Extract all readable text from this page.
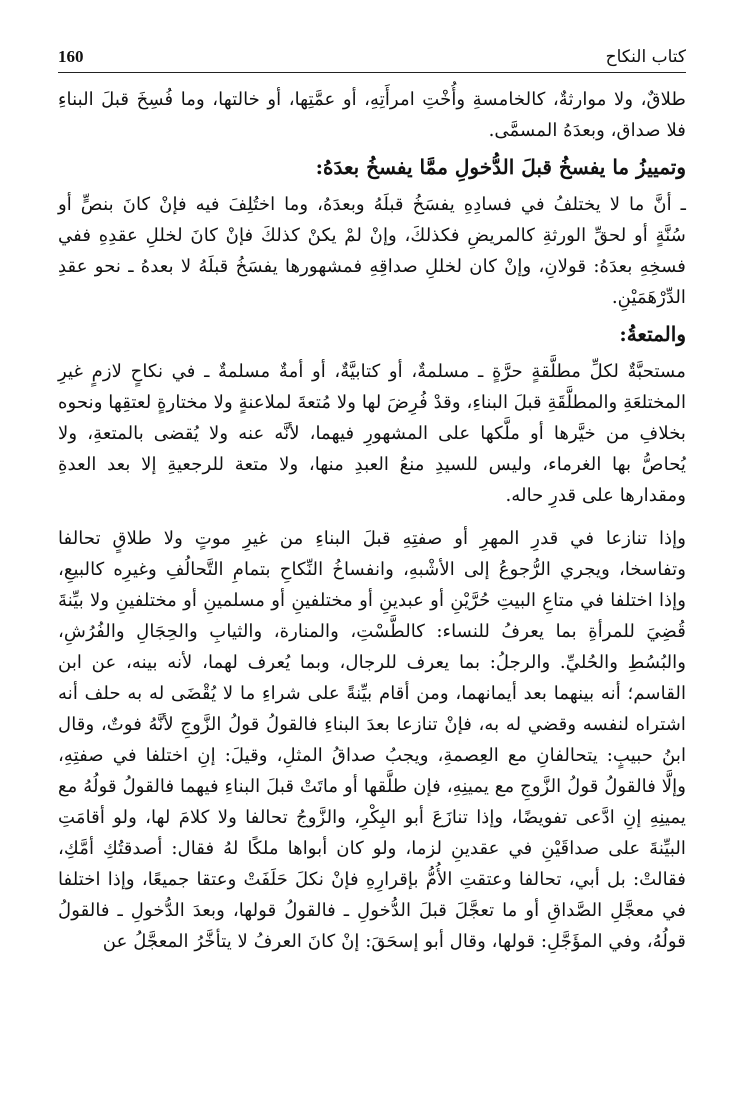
160	كتاب النكاح

طلاقٌ، ولا موارثةٌ، كالخامسةِ وأُخْتِ امرأَتِهِ، أو عمَّتِها، أو خالتها، وما فُسِخَ قبلَ البناءِ
فلا صداق، وبعدَهُ المسمَّى.

وتمييزُ ما يفسخُ قبلَ الدُّخولِ ممَّا يفسخُ بعدَهُ:

ـ أنَّ ما لا يختلفُ في فسادِهِ يفسَخُ قبلَهُ وبعدَهُ، وما اختُلِفَ فيه فإنْ كانَ بنصٍّ أو
سُنَّةٍ أو لحقِّ الورثةِ كالمريضِ فكذلكَ، وإنْ لمْ يكنْ كذلكَ فإنْ كانَ لخللِ عقدِهِ ففي
فسخِهِ بعدَهُ: قولانِ، وإنْ كان لخللِ صداقِهِ فمشهورها يفسَخُ قبلَهُ لا بعدهُ ـ نحو عقدِ
الدِّرْهَمَيْنِ.

والمتعةُ:

مستحبَّةٌ لكلِّ مطلَّقةٍ حرَّةٍ ـ مسلمةٌ، أو كتابيَّةٌ، أو أمةٌ مسلمةٌ ـ في نكاحٍ لازمٍ غيرِ
المختلعَةِ والمطلَّقَةِ قبلَ البناءِ، وقدْ فُرِضَ لها ولا مُتعةَ لملاعنةٍ ولا مختارةٍ لعتقِها ونحوه
بخلافِ من خيَّرها أو ملَّكها على المشهورِ فيهما، لأنَّه عنه ولا يُقضى بالمتعةِ، ولا
يُحاصُّ بها الغرماء، وليس للسيدِ منعُ العبدِ منها، ولا متعة للرجعيةِ إلا بعد العدةِ
ومقدارها على قدرِ حاله.

وإذا تنازعا في قدرِ المهرِ أو صفتِهِ قبلَ البناءِ من غيرِ موتٍ ولا طلاقٍ تحالفا
وتفاسخا، ويجري الرُّجوعُ إلى الأشْبهِ، وانفساخُ النِّكاحِ بتمامِ التَّحالُفِ وغيرِه كالبيعِ،
وإذا اختلفا في متاعِ البيتِ حُرَّيْنِ أو عبدينِ أو مختلفينِ أو مسلمينِ أو مختلفينِ ولا بيِّنةَ
قُضِيَ للمرأةِ بما يعرفُ للنساء: كالطَّسْتِ، والمنارة، والثيابِ والحِجَالِ والفُرُشِ،
والبُسُطِ والحُليِّ. والرجلُ: بما يعرف للرجال، وبما يُعرف لهما، لأنه بينه، عن ابن
القاسم؛ أنه بينهما بعد أيمانهما، ومن أقام بيِّنةً على شراءِ ما لا يُقْضَى له به حلف أنه
اشتراه لنفسه وقضي له به، فإنْ تنازعا بعدَ البناءِ فالقولُ قولُ الزَّوجِ لأنَّهُ فوتٌ، وقال
ابنُ حبيبٍ: يتحالفانِ مع العِصمةِ، ويجبُ صداقُ المثلِ، وقيلَ: إنِ اختلفا في صفتِهِ،
وإلَّا فالقولُ قولُ الزَّوجِ مع يمينِهِ، فإن طلَّقها أو ماتَتْ قبلَ البناءِ فيهما فالقولُ قولُهُ مع
يمينِهِ إنِ ادَّعى تفويضًا، وإذا تنازَعَ أبو البِكْرِ، والزَّوجُ تحالفا ولا كلامَ لها، ولو أقامَتِ
البيِّنةَ على صداقَيْنِ في عقدينِ لزما، ولو كان أبواها ملكًا لهُ فقال: أصدقتُكِ أمَّكِ،
فقالتْ: بل أبي، تحالفا وعتقتِ الأُمُّ بإقرارِهِ فإنْ نكلَ حَلَفَتْ وعتقا جميعًا، وإذا اختلفا
في معجَّلِ الصَّداقِ أو ما تعجَّلَ قبلَ الدُّخولِ ـ فالقولُ قولها، وبعدَ الدُّخولِ ـ فالقولُ
قولُهُ، وفي المؤَجَّلِ: قولها، وقال أبو إسحَقَ: إنْ كانَ العرفُ لا يتأخَّرُ المعجَّلُ عن
